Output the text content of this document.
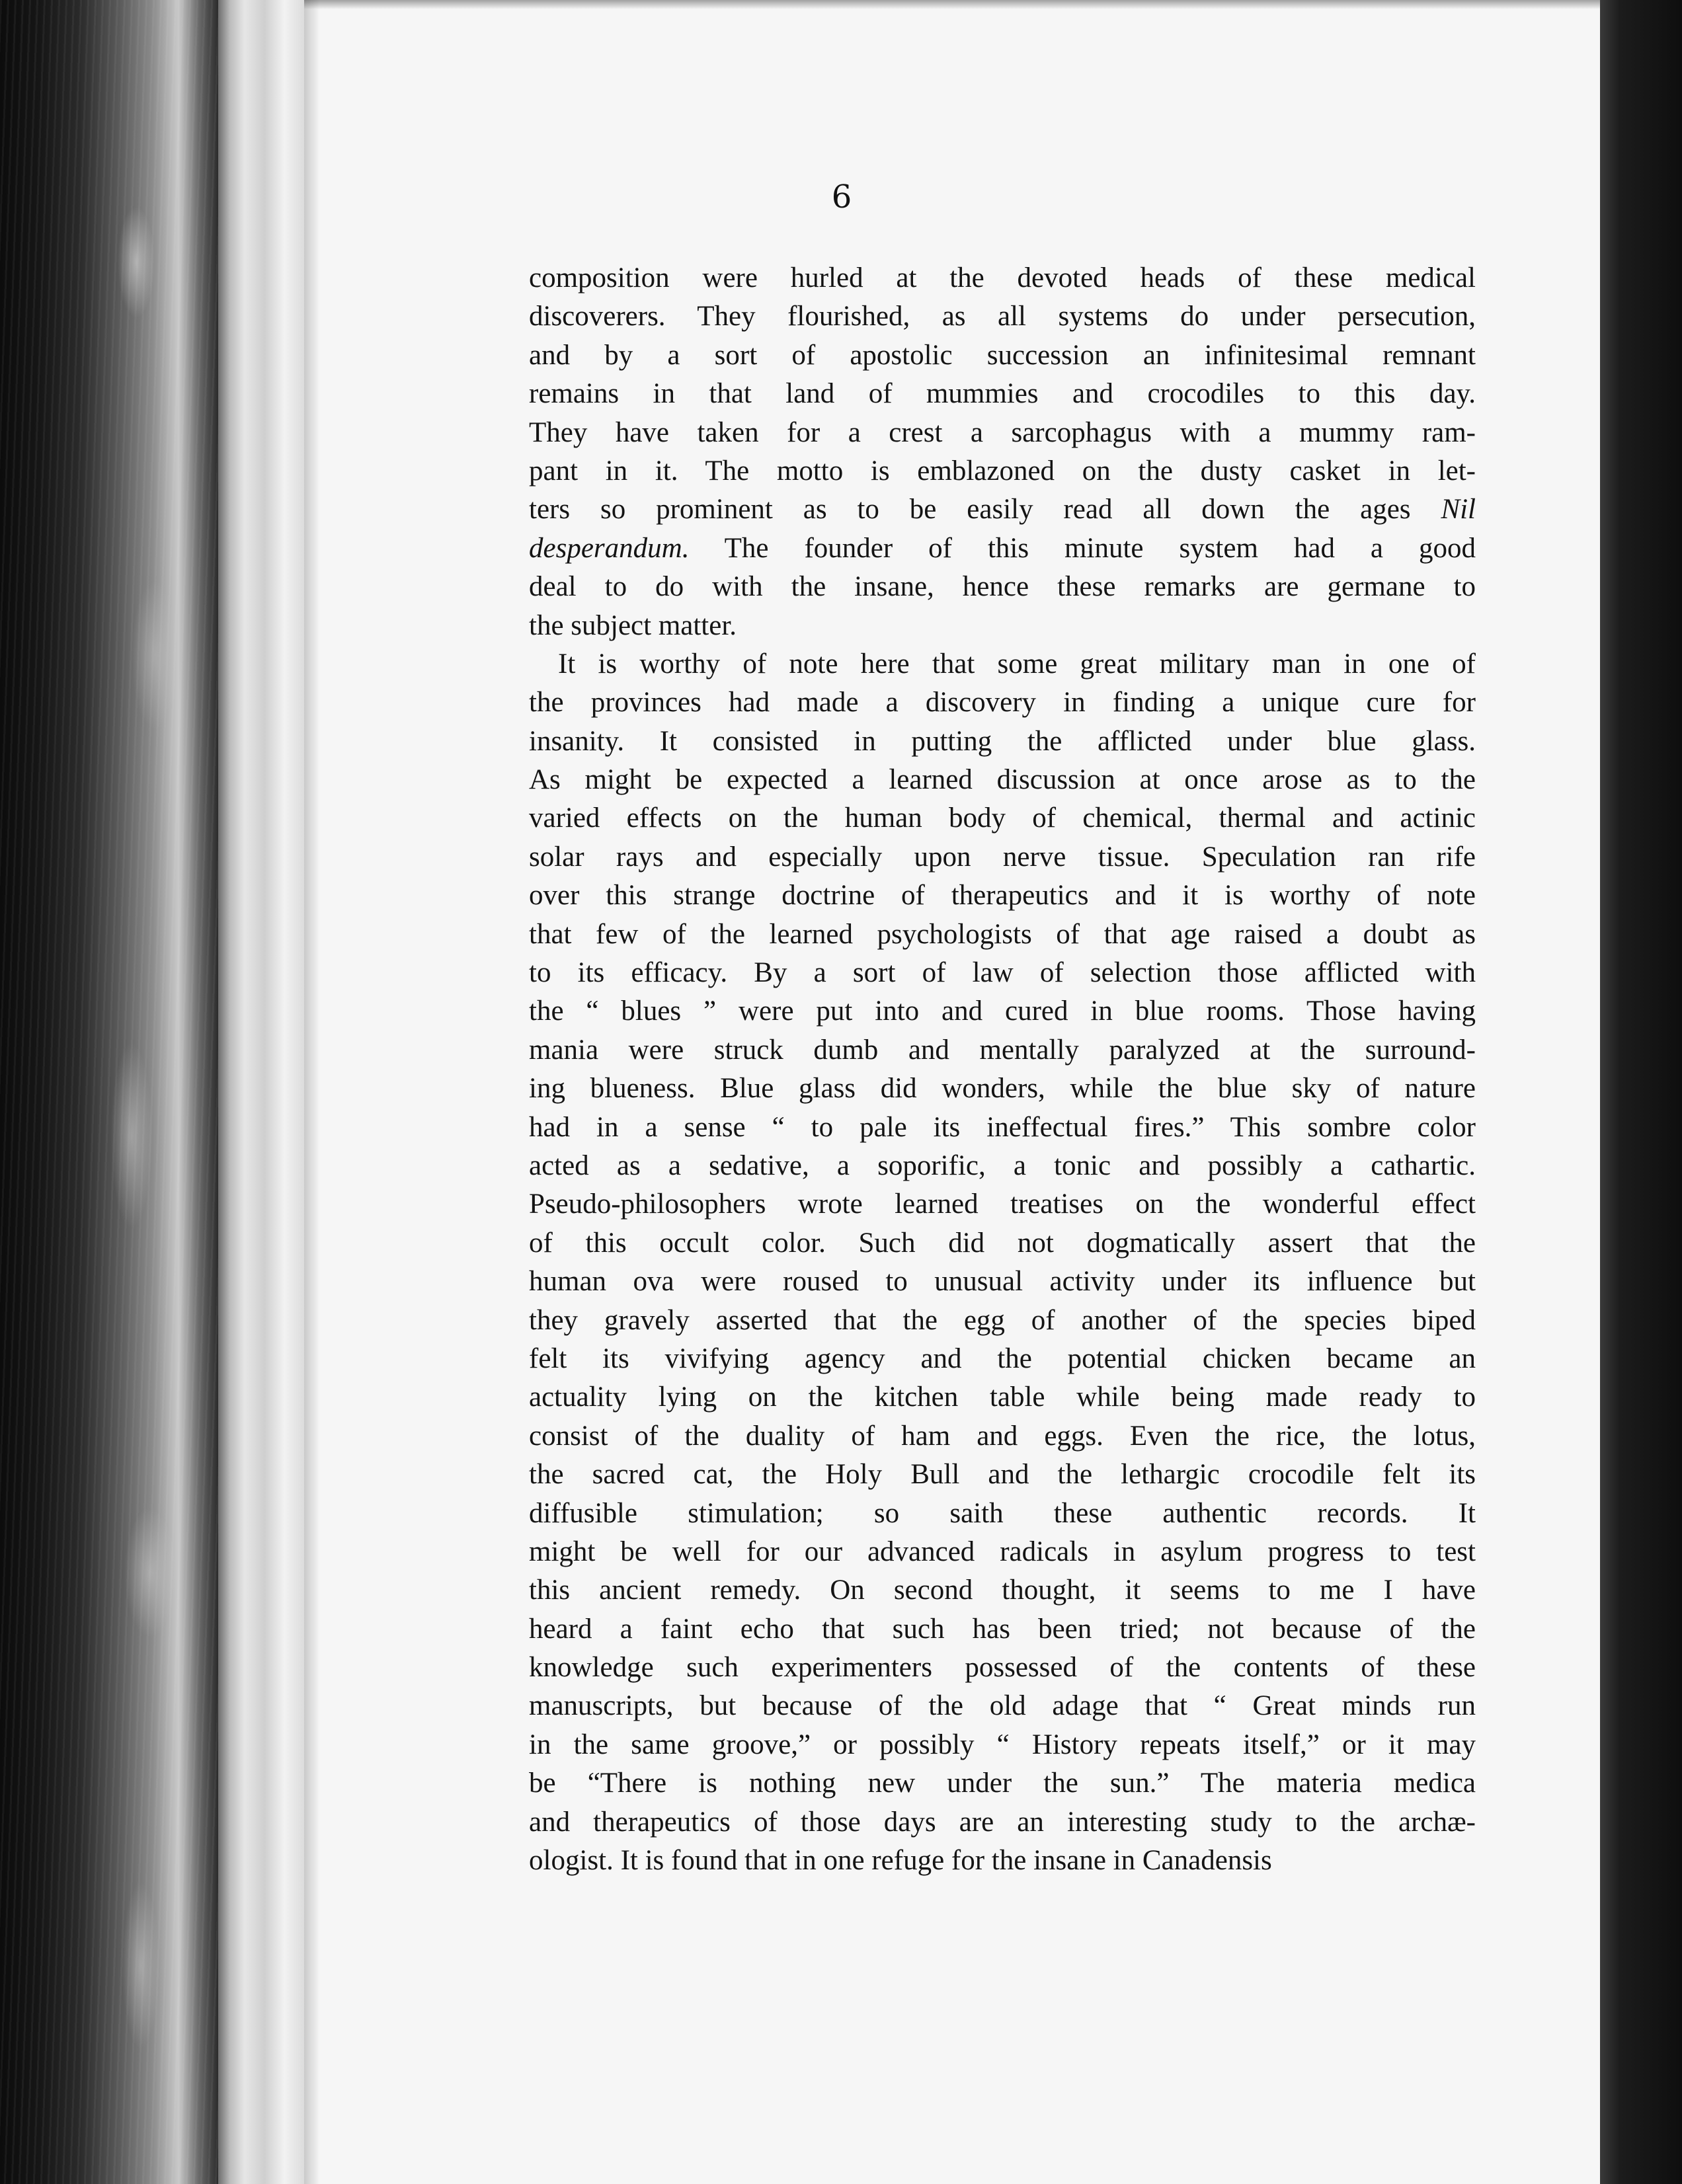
6
composition were hurled at the devoted heads of these medical
discoverers. They flourished, as all systems do under persecution,
and by a sort of apostolic succession an infinitesimal remnant
remains in that land of mummies and crocodiles to this day.
They have taken for a crest a sarcophagus with a mummy ram-
pant in it. The motto is emblazoned on the dusty casket in let-
ters so prominent as to be easily read all down the ages Nil
desperandum. The founder of this minute system had a good
deal to do with the insane, hence these remarks are germane to
the subject matter.
It is worthy of note here that some great military man in one of
the provinces had made a discovery in finding a unique cure for
insanity. It consisted in putting the afflicted under blue glass.
As might be expected a learned discussion at once arose as to the
varied effects on the human body of chemical, thermal and actinic
solar rays and especially upon nerve tissue. Speculation ran rife
over this strange doctrine of therapeutics and it is worthy of note
that few of the learned psychologists of that age raised a doubt as
to its efficacy. By a sort of law of selection those afflicted with
the “ blues ” were put into and cured in blue rooms. Those having
mania were struck dumb and mentally paralyzed at the surround-
ing blueness. Blue glass did wonders, while the blue sky of nature
had in a sense “ to pale its ineffectual fires.” This sombre color
acted as a sedative, a soporific, a tonic and possibly a cathartic.
Pseudo-philosophers wrote learned treatises on the wonderful effect
of this occult color. Such did not dogmatically assert that the
human ova were roused to unusual activity under its influence but
they gravely asserted that the egg of another of the species biped
felt its vivifying agency and the potential chicken became an
actuality lying on the kitchen table while being made ready to
consist of the duality of ham and eggs. Even the rice, the lotus,
the sacred cat, the Holy Bull and the lethargic crocodile felt its
diffusible stimulation; so saith these authentic records. It
might be well for our advanced radicals in asylum progress to test
this ancient remedy. On second thought, it seems to me I have
heard a faint echo that such has been tried; not because of the
knowledge such experimenters possessed of the contents of these
manuscripts, but because of the old adage that “ Great minds run
in the same groove,” or possibly “ History repeats itself,” or it may
be “There is nothing new under the sun.” The materia medica
and therapeutics of those days are an interesting study to the archæ-
ologist. It is found that in one refuge for the insane in Canadensis
